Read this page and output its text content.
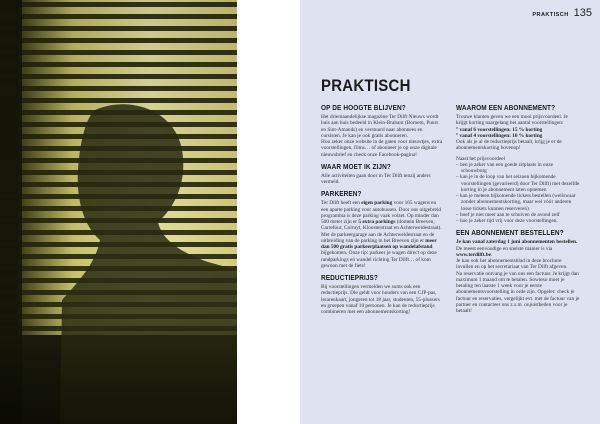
PRAKTISCH 135
PRAKTISCH
OP DE HOOGTE BLIJVEN?

Het driemaandelijkse magazine Ter Dilft Nieuws wordt huis aan huis bedeeld in Klein-Brabant (Bornem, Puurs en Sint-Amands) en verstuurd naar abonnees en cursisten. Je kan je ook gratis abonneren.

Hou zeker onze website in de gaten voor nieuwtjes, extra voorstellingen, films… of abonneer je op onze digitale nieuwsbrief en check onze Facebook-pagina!

WAAR MOET IK ZIJN?

Alle activiteiten gaan door in Ter Dilft tenzij anders vermeld.

PARKEREN?

Ter Dilft heeft een eigen parking voor 165 wagens en een aparte parking voor autobussen. Door ons uitgebreid programma is deze parking vaak volzet. Op minder dan 500 meter zijn er 5 extra parkings (domein Breeven, Carrefour, Colruyt, Kloosterstraat en Achterweidestraat). Met de parkeergarage aan de Achterweidestraat en de uitbreiding van de parking in het Breeven zijn er meer dan 500 gratis parkeerplaatsen op wandelafstand bijgekomen. Onze tip: parkeer je wagen direct op deze randparkings en wandel richting Ter Dilft… of kom gewoon met de fiets!

REDUCTIEPRIJS?

Bij voorstellingen vermelden we soms ook een reductieprijs. Die geldt voor houders van een CJP-pas, lerarenkaart, jongeren tot 18 jaar, studenten, 55-plussers en groepen vanaf 10 personen. Je kan de reductieprijs combineren met een abonnementskorting!

WAAROM EEN ABONNEMENT?

Trouwe klanten geven we een mooi prijsvoordeel. Je krijgt korting naargelang het aantal voorstellingen:

° vanaf 6 voorstellingen: 15 % korting
° vanaf 4 voorstellingen: 10 % korting

Ook als je al de reductieprijs betaalt, krijg je er de abonnementskorting bovenop!

Naast het prijsvoordeel

– ben je zeker van een goede zitplaats in onze schouwburg
– kan je in de loop van het seizoen bijkomende voorstellingen (gevarieerd) door Ter Dilft) met dezelfde korting in je abonnement laten opnemen
– kan je meteen bijkomende tickets bestellen (weliswaar zonder abonnementskorting, maar wel vóór anderen losse tickets kunnen reserveren)
– hoef je niet meer aan te schuiven de avond zelf
– hoe je zeker tijd vrij voor deze voorstellingen.
EEN ABONNEMENT BESTELLEN?

Je kan vanaf zaterdag 1 juni abonnementen bestellen. De meest eenvoudige en snelste manier is via www.terdilft.be.

Je kan ook het abonnementsblad in deze brochure invullen en op het secretariaat van Ter Dilft afgeven.

Na reservatie ontvang je van ons een factuur. Je krijgt dan maximum 1 maand om te betalen. Sowieso moet je betaling ten laatste 1 week voor je eerste abonnementsvoorstelling in orde zijn. Opgelet: check je factuur en reservaties, vergelijkt evt. met de factuur van je partner en contacteer ons z.s.m. onjuistheden voor je betaalt!
